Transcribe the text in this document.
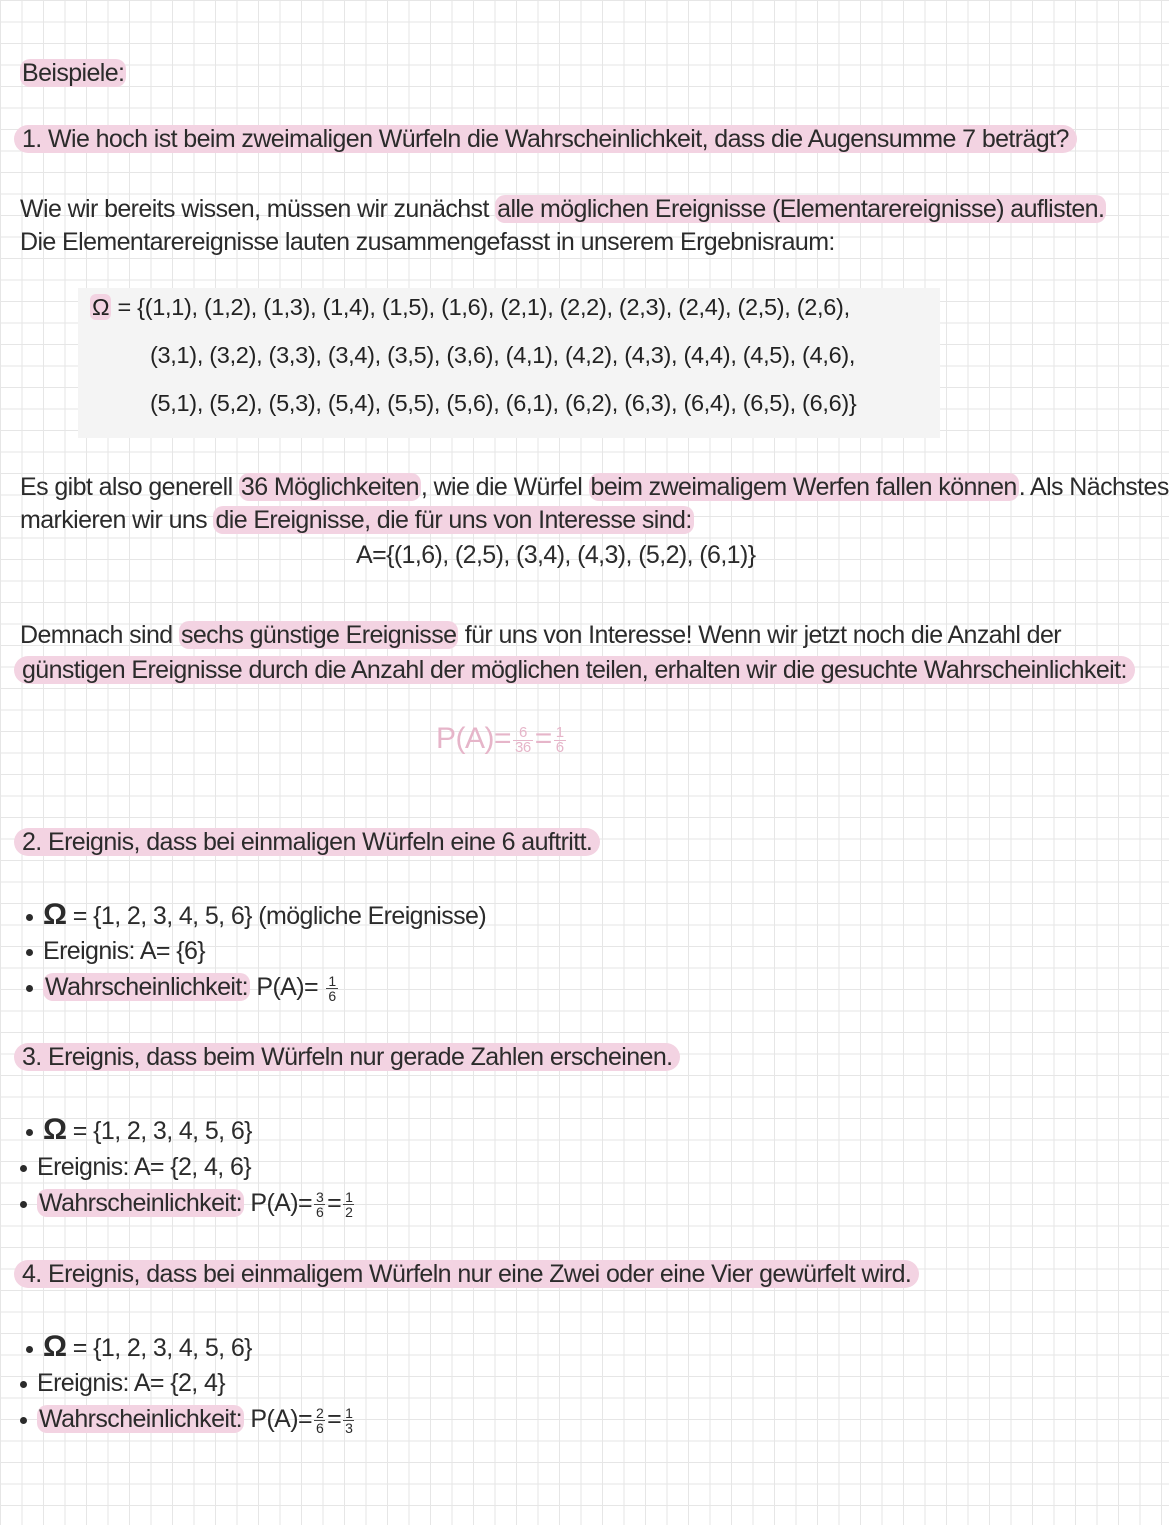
Beispiele:
1. Wie hoch ist beim zweimaligen Würfeln die Wahrscheinlichkeit, dass die Augensumme 7 beträgt?
Wie wir bereits wissen, müssen wir zunächst alle möglichen Ereignisse (Elementarereignisse) auflisten.
Die Elementarereignisse lauten zusammengefasst in unserem Ergebnisraum:
Ω = {(1,1), (1,2), (1,3), (1,4), (1,5), (1,6), (2,1), (2,2), (2,3), (2,4), (2,5), (2,6),
(3,1), (3,2), (3,3), (3,4), (3,5), (3,6), (4,1), (4,2), (4,3), (4,4), (4,5), (4,6),
(5,1), (5,2), (5,3), (5,4), (5,5), (5,6), (6,1), (6,2), (6,3), (6,4), (6,5), (6,6)}
Es gibt also generell 36 Möglichkeiten, wie die Würfel beim zweimaligem Werfen fallen können. Als Nächstes
markieren wir uns die Ereignisse, die für uns von Interesse sind:
A={(1,6), (2,5), (3,4), (4,3), (5,2), (6,1)}
Demnach sind sechs günstige Ereignisse für uns von Interesse! Wenn wir jetzt noch die Anzahl der
günstigen Ereignisse durch die Anzahl der möglichen teilen, erhalten wir die gesuchte Wahrscheinlichkeit:
$P(A)= \frac{6}{36} = \frac{1}{6}$
2. Ereignis, dass bei einmaligen Würfeln eine 6 auftritt.
Ω = {1, 2, 3, 4, 5, 6} (mögliche Ereignisse)
Ereignis: A= {6}
Wahrscheinlichkeit: $P(A)= \frac{1}{6}$
3. Ereignis, dass beim Würfeln nur gerade Zahlen erscheinen.
Ω = {1, 2, 3, 4, 5, 6}
Ereignis: A= {2, 4, 6}
Wahrscheinlichkeit: $P(A)= \frac{3}{6} = \frac{1}{2}$
4. Ereignis, dass bei einmaligem Würfeln nur eine Zwei oder eine Vier gewürfelt wird.
Ω = {1, 2, 3, 4, 5, 6}
Ereignis: A= {2, 4}
Wahrscheinlichkeit: $P(A)= \frac{2}{6} = \frac{1}{3}$
